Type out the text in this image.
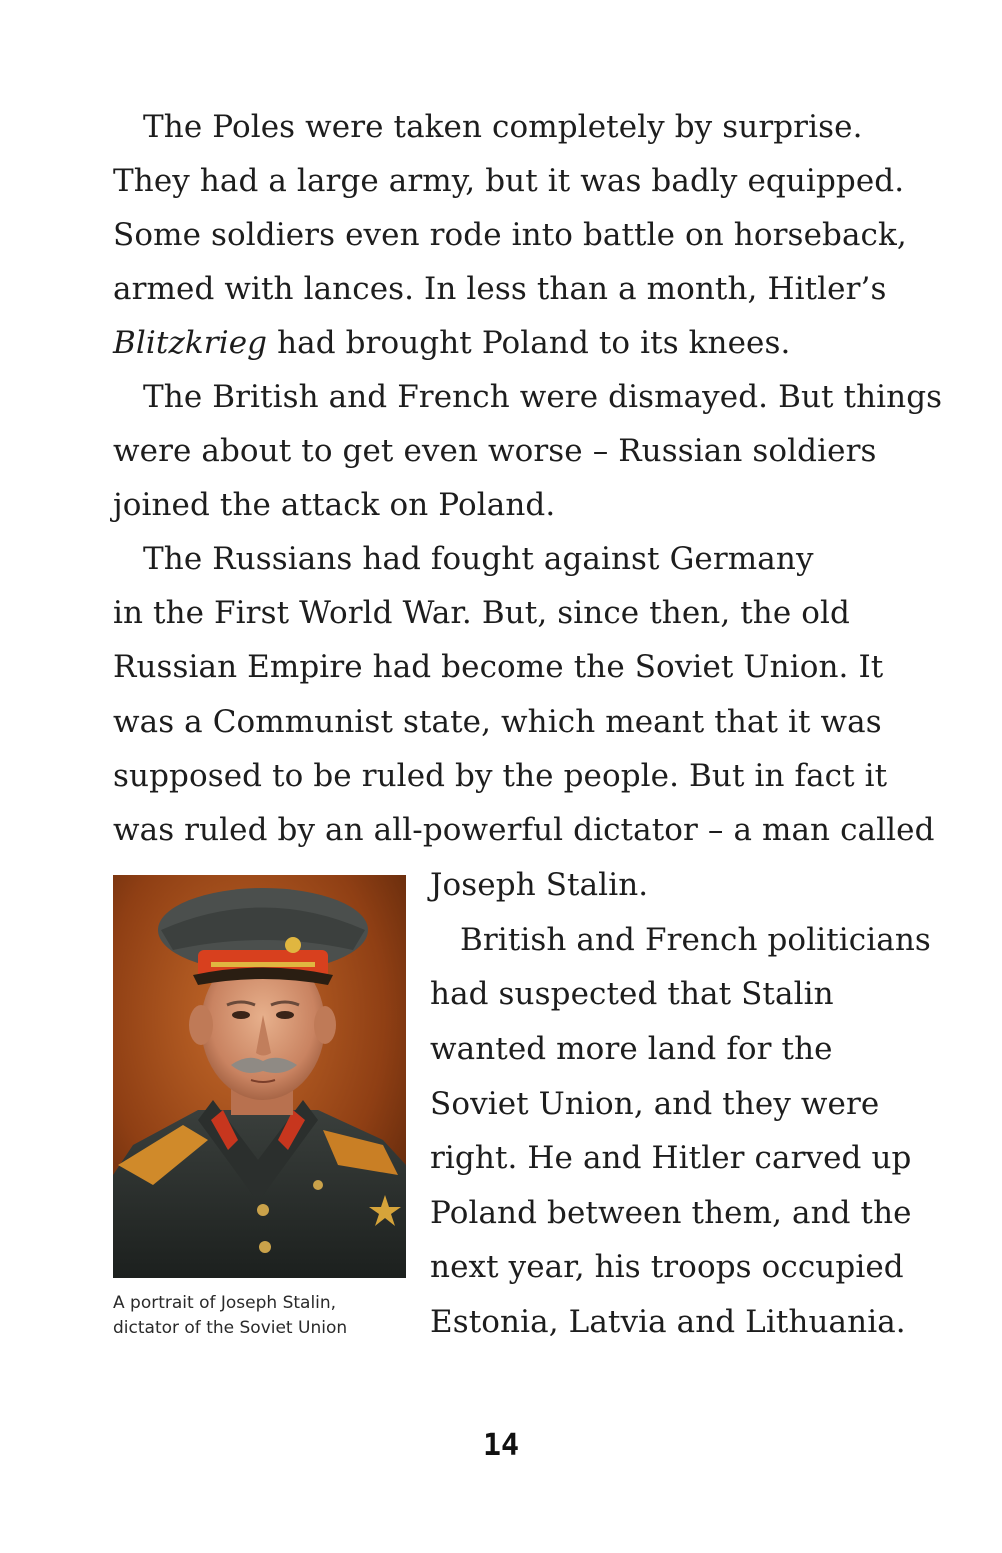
The Poles were taken completely by surprise.
They had a large army, but it was badly equipped.
Some soldiers even rode into battle on horseback,
armed with lances. In less than a month, Hitler’s
Blitzkrieg had brought Poland to its knees.
The British and French were dismayed. But things
were about to get even worse – Russian soldiers
joined the attack on Poland.
The Russians had fought against Germany
in the First World War. But, since then, the old
Russian Empire had become the Soviet Union. It
was a Communist state, which meant that it was
supposed to be ruled by the people. But in fact it
was ruled by an all-powerful dictator – a man called
Joseph Stalin.
British and French politicians
had suspected that Stalin
wanted more land for the
Soviet Union, and they were
right. He and Hitler carved up
Poland between them, and the
next year, his troops occupied
Estonia, Latvia and Lithuania.
A portrait of Joseph Stalin,
dictator of the Soviet Union
14
